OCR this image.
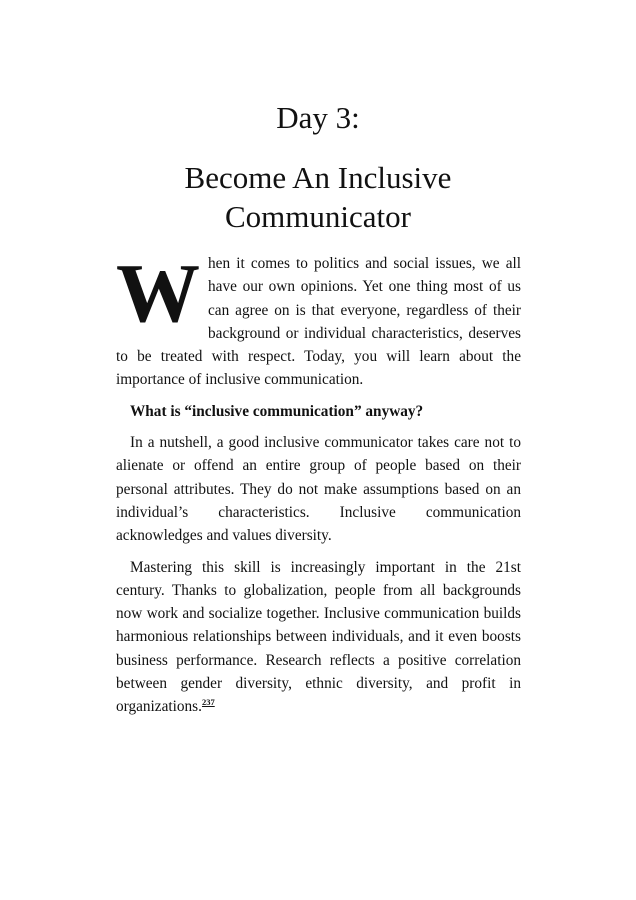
Day 3:
Become An Inclusive
Communicator

When it comes to politics and social issues, we all have our own opinions. Yet one thing most of us can agree on is that everyone, regardless of their background or individual characteristics, deserves to be treated with respect. Today, you will learn about the importance of inclusive communication.

What is “inclusive communication” anyway?

In a nutshell, a good inclusive communicator takes care not to alienate or offend an entire group of people based on their personal attributes. They do not make assumptions based on an individual’s characteristics. Inclusive communication acknowledges and values diversity.

Mastering this skill is increasingly important in the 21st century. Thanks to globalization, people from all backgrounds now work and socialize together. Inclusive communication builds harmonious relationships between individuals, and it even boosts business performance. Research reflects a positive correlation between gender diversity, ethnic diversity, and profit in organizations.$^{237}$
